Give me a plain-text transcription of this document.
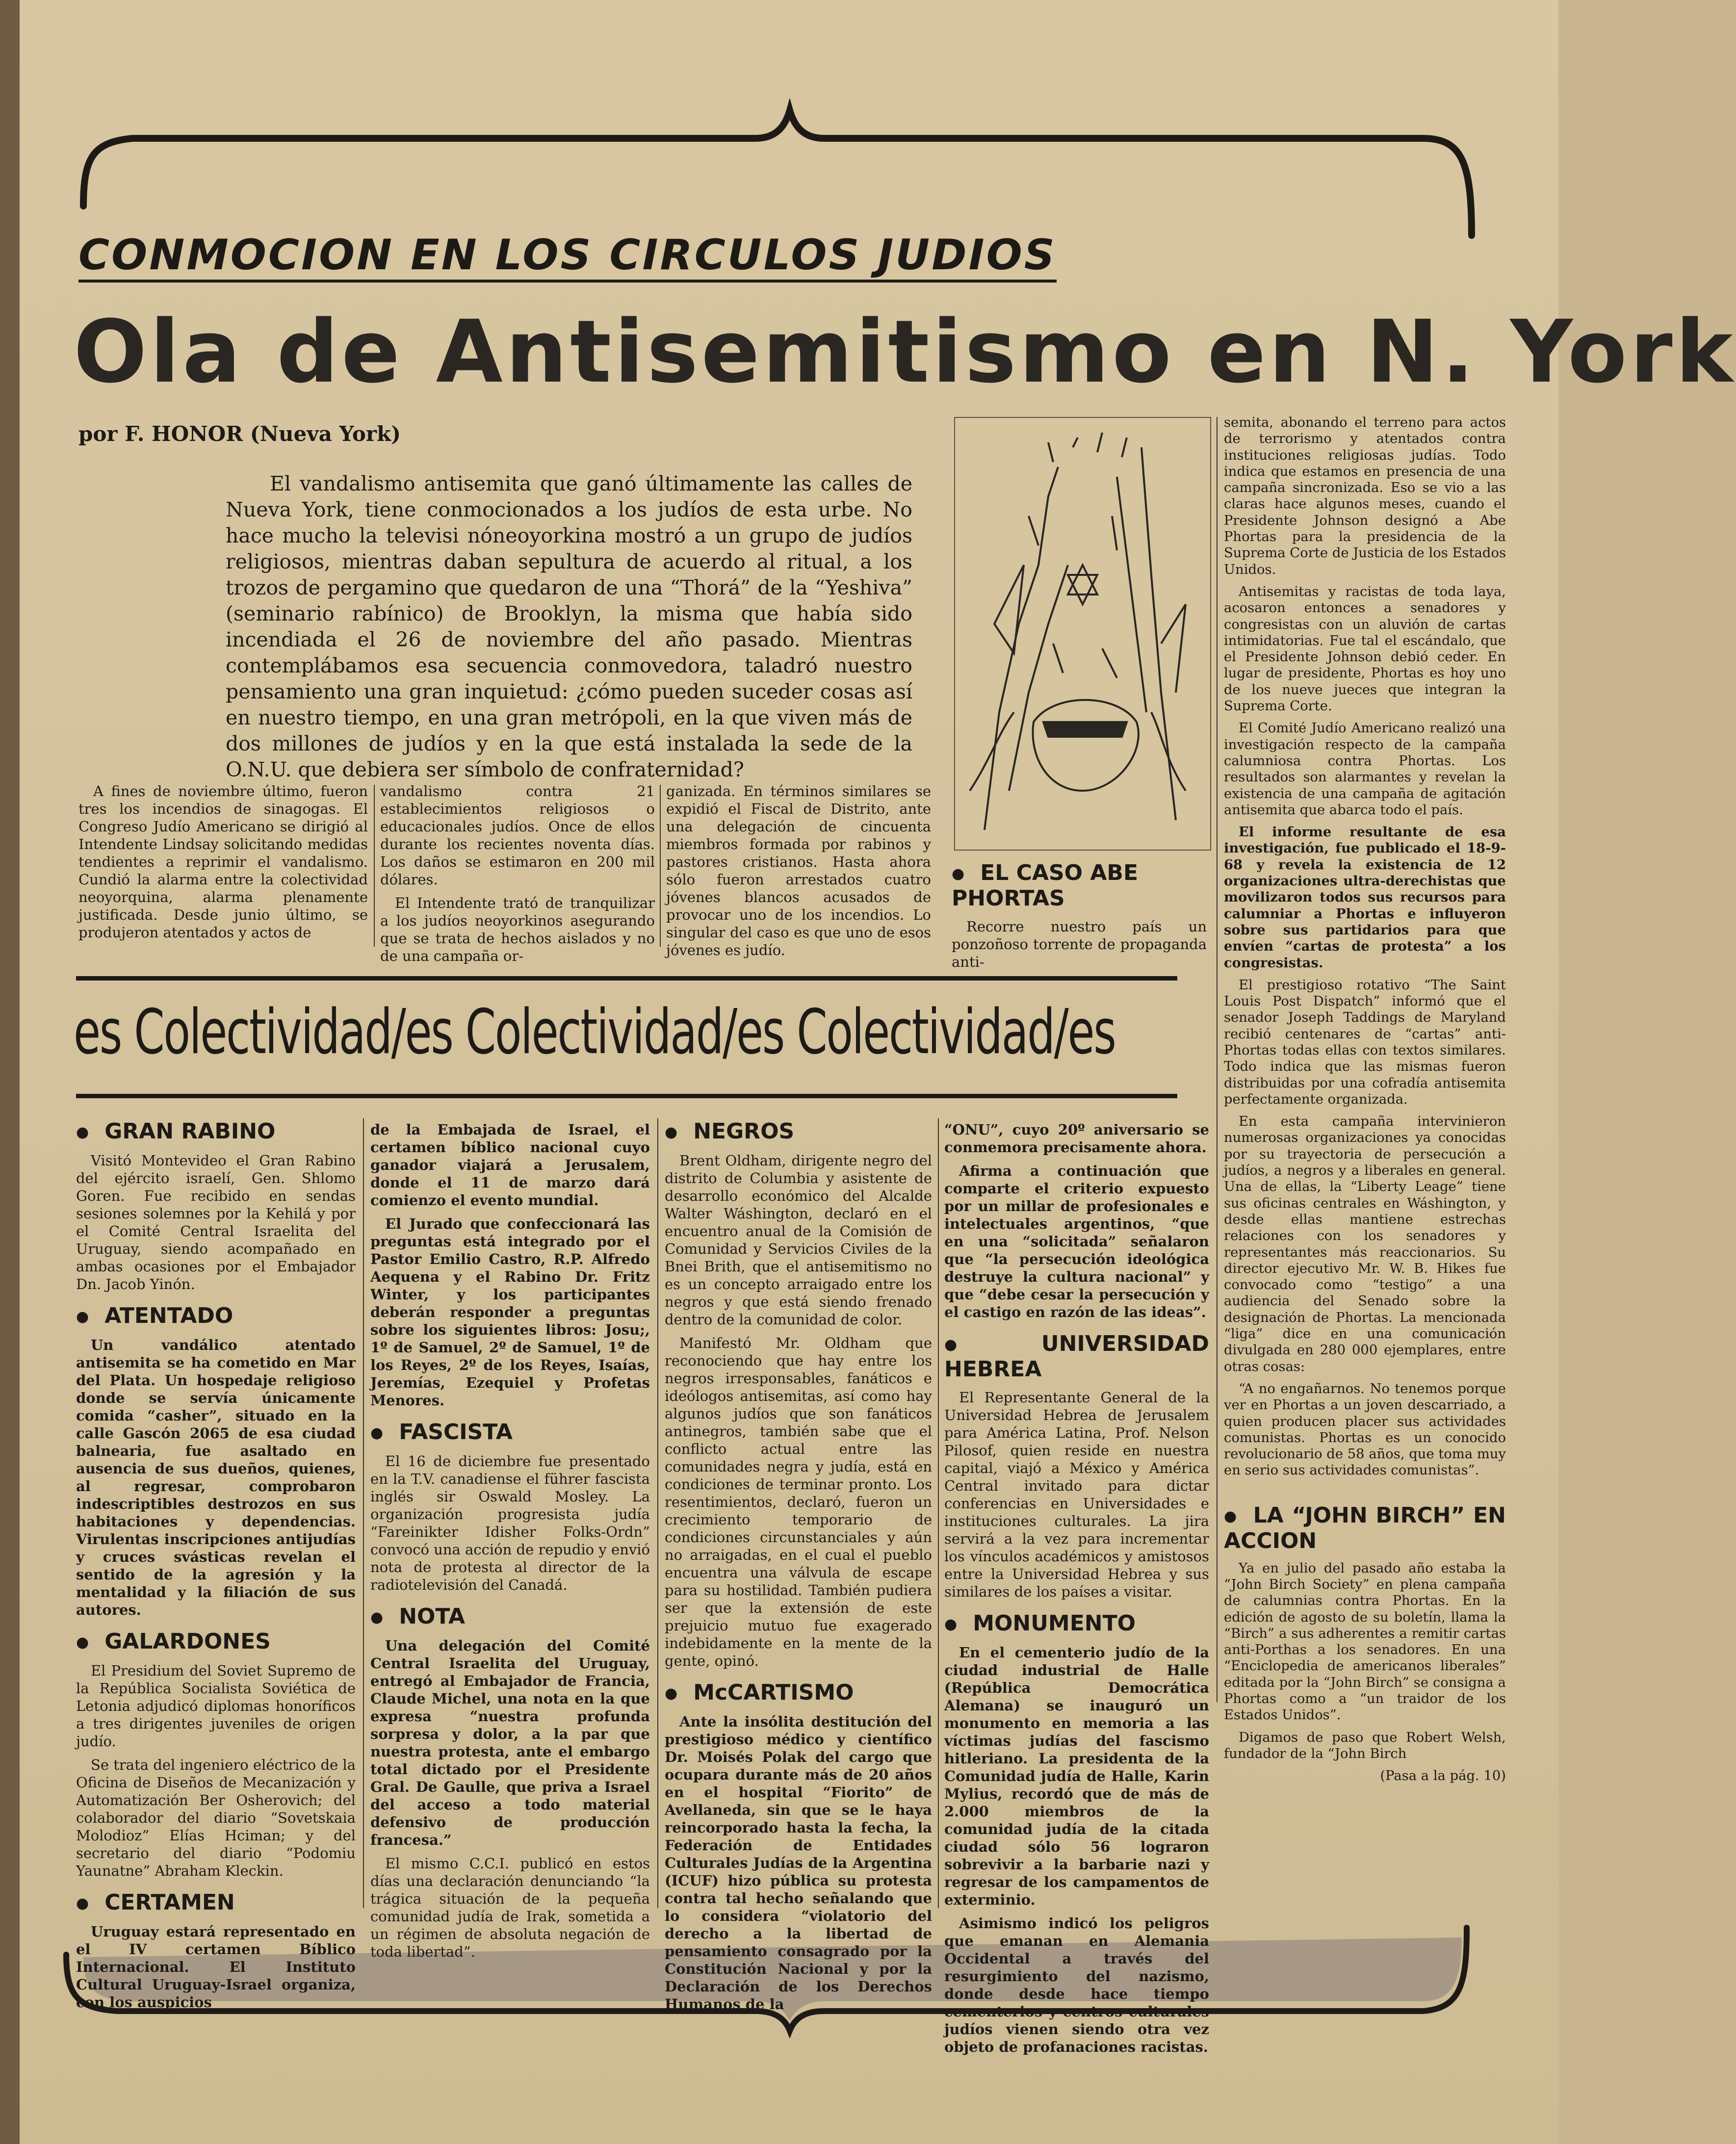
CONMOCION EN LOS CIRCULOS JUDIOS
Ola de Antisemitismo en N. York
por F. HONOR (Nueva York)

El vandalismo antisemita que ganó últimamente las calles de Nueva York, tiene conmocionados a los judíos de esta urbe. No hace mucho la televisi nóneoyorkina mostró a un grupo de judíos religiosos, mientras daban sepultura de acuerdo al ritual, a los trozos de pergamino que quedaron de una “Thorá” de la “Yeshiva” (seminario rabínico) de Brooklyn, la misma que había sido incendiada el 26 de noviembre del año pasado. Mientras contemplábamos esa secuencia conmovedora, taladró nuestro pensamiento una gran inquietud: ¿cómo pueden suceder cosas así en nuestro tiempo, en una gran metrópoli, en la que viven más de dos millones de judíos y en la que está instalada la sede de la O.N.U. que debiera ser símbolo de confraternidad?

A fines de noviembre último, fueron tres los incendios de sinagogas. El Congreso Judío Americano se dirigió al Intendente Lindsay solicitando medidas tendientes a reprimir el vandalismo. Cundió la alarma entre la colectividad neoyorquina, alarma plenamente justificada. Desde junio último, se produjeron atentados y actos de

vandalismo contra 21 establecimientos religiosos o educacionales judíos. Once de ellos durante los recientes noventa días. Los daños se estimaron en 200 mil dólares.

El Intendente trató de tranquilizar a los judíos neoyorkinos asegurando que se trata de hechos aislados y no de una campaña or-

ganizada. En términos similares se expidió el Fiscal de Distrito, ante una delegación de cincuenta miembros formada por rabinos y pastores cristianos. Hasta ahora sólo fueron arrestados cuatro jóvenes blancos acusados de provocar uno de los incendios. Lo singular del caso es que uno de esos jóvenes es judío.

● EL CASO ABE PHORTAS

Recorre nuestro país un ponzoñoso torrente de propaganda anti-

semita, abonando el terreno para actos de terrorismo y atentados contra instituciones religiosas judías. Todo indica que estamos en presencia de una campaña sincronizada. Eso se vio a las claras hace algunos meses, cuando el Presidente Johnson designó a Abe Phortas para la presidencia de la Suprema Corte de Justicia de los Estados Unidos.

Antisemitas y racistas de toda laya, acosaron entonces a senadores y congresistas con un aluvión de cartas intimidatorias. Fue tal el escándalo, que el Presidente Johnson debió ceder. En lugar de presidente, Phortas es hoy uno de los nueve jueces que integran la Suprema Corte.

El Comité Judío Americano realizó una investigación respecto de la campaña calumniosa contra Phortas. Los resultados son alarmantes y revelan la existencia de una campaña de agitación antisemita que abarca todo el país.

El informe resultante de esa investigación, fue publicado el 18-9-68 y revela la existencia de 12 organizaciones ultra-derechistas que movilizaron todos sus recursos para calumniar a Phortas e influyeron sobre sus partidarios para que envíen “cartas de protesta” a los congresistas.

El prestigioso rotativo “The Saint Louis Post Dispatch” informó que el senador Joseph Taddings de Maryland recibió centenares de “cartas” anti-Phortas todas ellas con textos similares. Todo indica que las mismas fueron distribuidas por una cofradía antisemita perfectamente organizada.

En esta campaña intervinieron numerosas organizaciones ya conocidas por su trayectoria de persecución a judíos, a negros y a liberales en general. Una de ellas, la “Liberty Leage” tiene sus oficinas centrales en Wáshington, y desde ellas mantiene estrechas relaciones con los senadores y representantes más reaccionarios. Su director ejecutivo Mr. W. B. Hikes fue convocado como “testigo” a una audiencia del Senado sobre la designación de Phortas. La mencionada “liga” dice en una comunicación divulgada en 280 000 ejemplares, entre otras cosas:

“A no engañarnos. No tenemos porque ver en Phortas a un joven descarriado, a quien producen placer sus actividades comunistas. Phortas es un conocido revolucionario de 58 años, que toma muy en serio sus actividades comunistas”.

● LA “JOHN BIRCH” EN ACCION

Ya en julio del pasado año estaba la “John Birch Society” en plena campaña de calumnias contra Phortas. En la edición de agosto de su boletín, llama la “Birch” a sus adherentes a remitir cartas anti-Porthas a los senadores. En una “Enciclopedia de americanos liberales” editada por la “John Birch” se consigna a Phortas como a “un traidor de los Estados Unidos”.

Digamos de paso que Robert Welsh, fundador de la “John Birch

(Pasa a la pág. 10)

es Colectividad/es Colectividad/es Colectividad/es
● GRAN RABINO

Visitó Montevideo el Gran Rabino del ejército israelí, Gen. Shlomo Goren. Fue recibido en sendas sesiones solemnes por la Kehilá y por el Comité Central Israelita del Uruguay, siendo acompañado en ambas ocasiones por el Embajador Dn. Jacob Yinón.

● ATENTADO

Un vandálico atentado antisemita se ha cometido en Mar del Plata. Un hospedaje religioso donde se servía únicamente comida “casher”, situado en la calle Gascón 2065 de esa ciudad balnearia, fue asaltado en ausencia de sus dueños, quienes, al regresar, comprobaron indescriptibles destrozos en sus habitaciones y dependencias. Virulentas inscripciones antijudías y cruces svásticas revelan el sentido de la agresión y la mentalidad y la filiación de sus autores.

● GALARDONES

El Presidium del Soviet Supremo de la República Socialista Soviética de Letonia adjudicó diplomas honoríficos a tres dirigentes juveniles de origen judío.

Se trata del ingeniero eléctrico de la Oficina de Diseños de Mecanización y Automatización Ber Osherovich; del colaborador del diario “Sovetskaia Molodioz” Elías Hciman; y del secretario del diario “Podomiu Yaunatne” Abraham Kleckin.

● CERTAMEN

Uruguay estará representado en el IV certamen Bíblico Internacional. El Instituto Cultural Uruguay-Israel organiza, con los auspicios

de la Embajada de Israel, el certamen bíblico nacional cuyo ganador viajará a Jerusalem, donde el 11 de marzo dará comienzo el evento mundial.

El Jurado que confeccionará las preguntas está integrado por el Pastor Emilio Castro, R.P. Alfredo Aequena y el Rabino Dr. Fritz Winter, y los participantes deberán responder a preguntas sobre los siguientes libros: Josu;, 1º de Samuel, 2º de Samuel, 1º de los Reyes, 2º de los Reyes, Isaías, Jeremías, Ezequiel y Profetas Menores.

● FASCISTA

El 16 de diciembre fue presentado en la T.V. canadiense el führer fascista inglés sir Oswald Mosley. La organización progresista judía “Fareinikter Idisher Folks-Ordn” convocó una acción de repudio y envió nota de protesta al director de la radiotelevisión del Canadá.

● NOTA

Una delegación del Comité Central Israelita del Uruguay, entregó al Embajador de Francia, Claude Michel, una nota en la que expresa “nuestra profunda sorpresa y dolor, a la par que nuestra protesta, ante el embargo total dictado por el Presidente Gral. De Gaulle, que priva a Israel del acceso a todo material defensivo de producción francesa.”

El mismo C.C.I. publicó en estos días una declaración denunciando “la trágica situación de la pequeña comunidad judía de Irak, sometida a un régimen de absoluta negación de toda libertad”.

● NEGROS

Brent Oldham, dirigente negro del distrito de Columbia y asistente de desarrollo económico del Alcalde Walter Wáshington, declaró en el encuentro anual de la Comisión de Comunidad y Servicios Civiles de la Bnei Brith, que el antisemitismo no es un concepto arraigado entre los negros y que está siendo frenado dentro de la comunidad de color.

Manifestó Mr. Oldham que reconociendo que hay entre los negros irresponsables, fanáticos e ideólogos antisemitas, así como hay algunos judíos que son fanáticos antinegros, también sabe que el conflicto actual entre las comunidades negra y judía, está en condiciones de terminar pronto. Los resentimientos, declaró, fueron un crecimiento temporario de condiciones circunstanciales y aún no arraigadas, en el cual el pueblo encuentra una válvula de escape para su hostilidad. También pudiera ser que la extensión de este prejuicio mutuo fue exagerado indebidamente en la mente de la gente, opinó.

● McCARTISMO

Ante la insólita destitución del prestigioso médico y científico Dr. Moisés Polak del cargo que ocupara durante más de 20 años en el hospital “Fiorito” de Avellaneda, sin que se le haya reincorporado hasta la fecha, la Federación de Entidades Culturales Judías de la Argentina (ICUF) hizo pública su protesta contra tal hecho señalando que lo considera “violatorio del derecho a la libertad de pensamiento consagrado por la Constitución Nacional y por la Declaración de los Derechos Humanos de la

“ONU”, cuyo 20º aniversario se conmemora precisamente ahora.

Afirma a continuación que comparte el criterio expuesto por un millar de profesionales e intelectuales argentinos, “que en una “solicitada” señalaron que “la persecución ideológica destruye la cultura nacional” y que “debe cesar la persecución y el castigo en razón de las ideas”.

● UNIVERSIDAD HEBREA

El Representante General de la Universidad Hebrea de Jerusalem para América Latina, Prof. Nelson Pilosof, quien reside en nuestra capital, viajó a México y América Central invitado para dictar conferencias en Universidades e instituciones culturales. La jira servirá a la vez para incrementar los vínculos académicos y amistosos entre la Universidad Hebrea y sus similares de los países a visitar.

● MONUMENTO

En el cementerio judío de la ciudad industrial de Halle (República Democrática Alemana) se inauguró un monumento en memoria a las víctimas judías del fascismo hitleriano. La presidenta de la Comunidad judía de Halle, Karin Mylius, recordó que de más de 2.000 miembros de la comunidad judía de la citada ciudad sólo 56 lograron sobrevivir a la barbarie nazi y regresar de los campamentos de exterminio.

Asimismo indicó los peligros que emanan en Alemania Occidental a través del resurgimiento del nazismo, donde desde hace tiempo cementerios y centros culturales judíos vienen siendo otra vez objeto de profanaciones racistas.
